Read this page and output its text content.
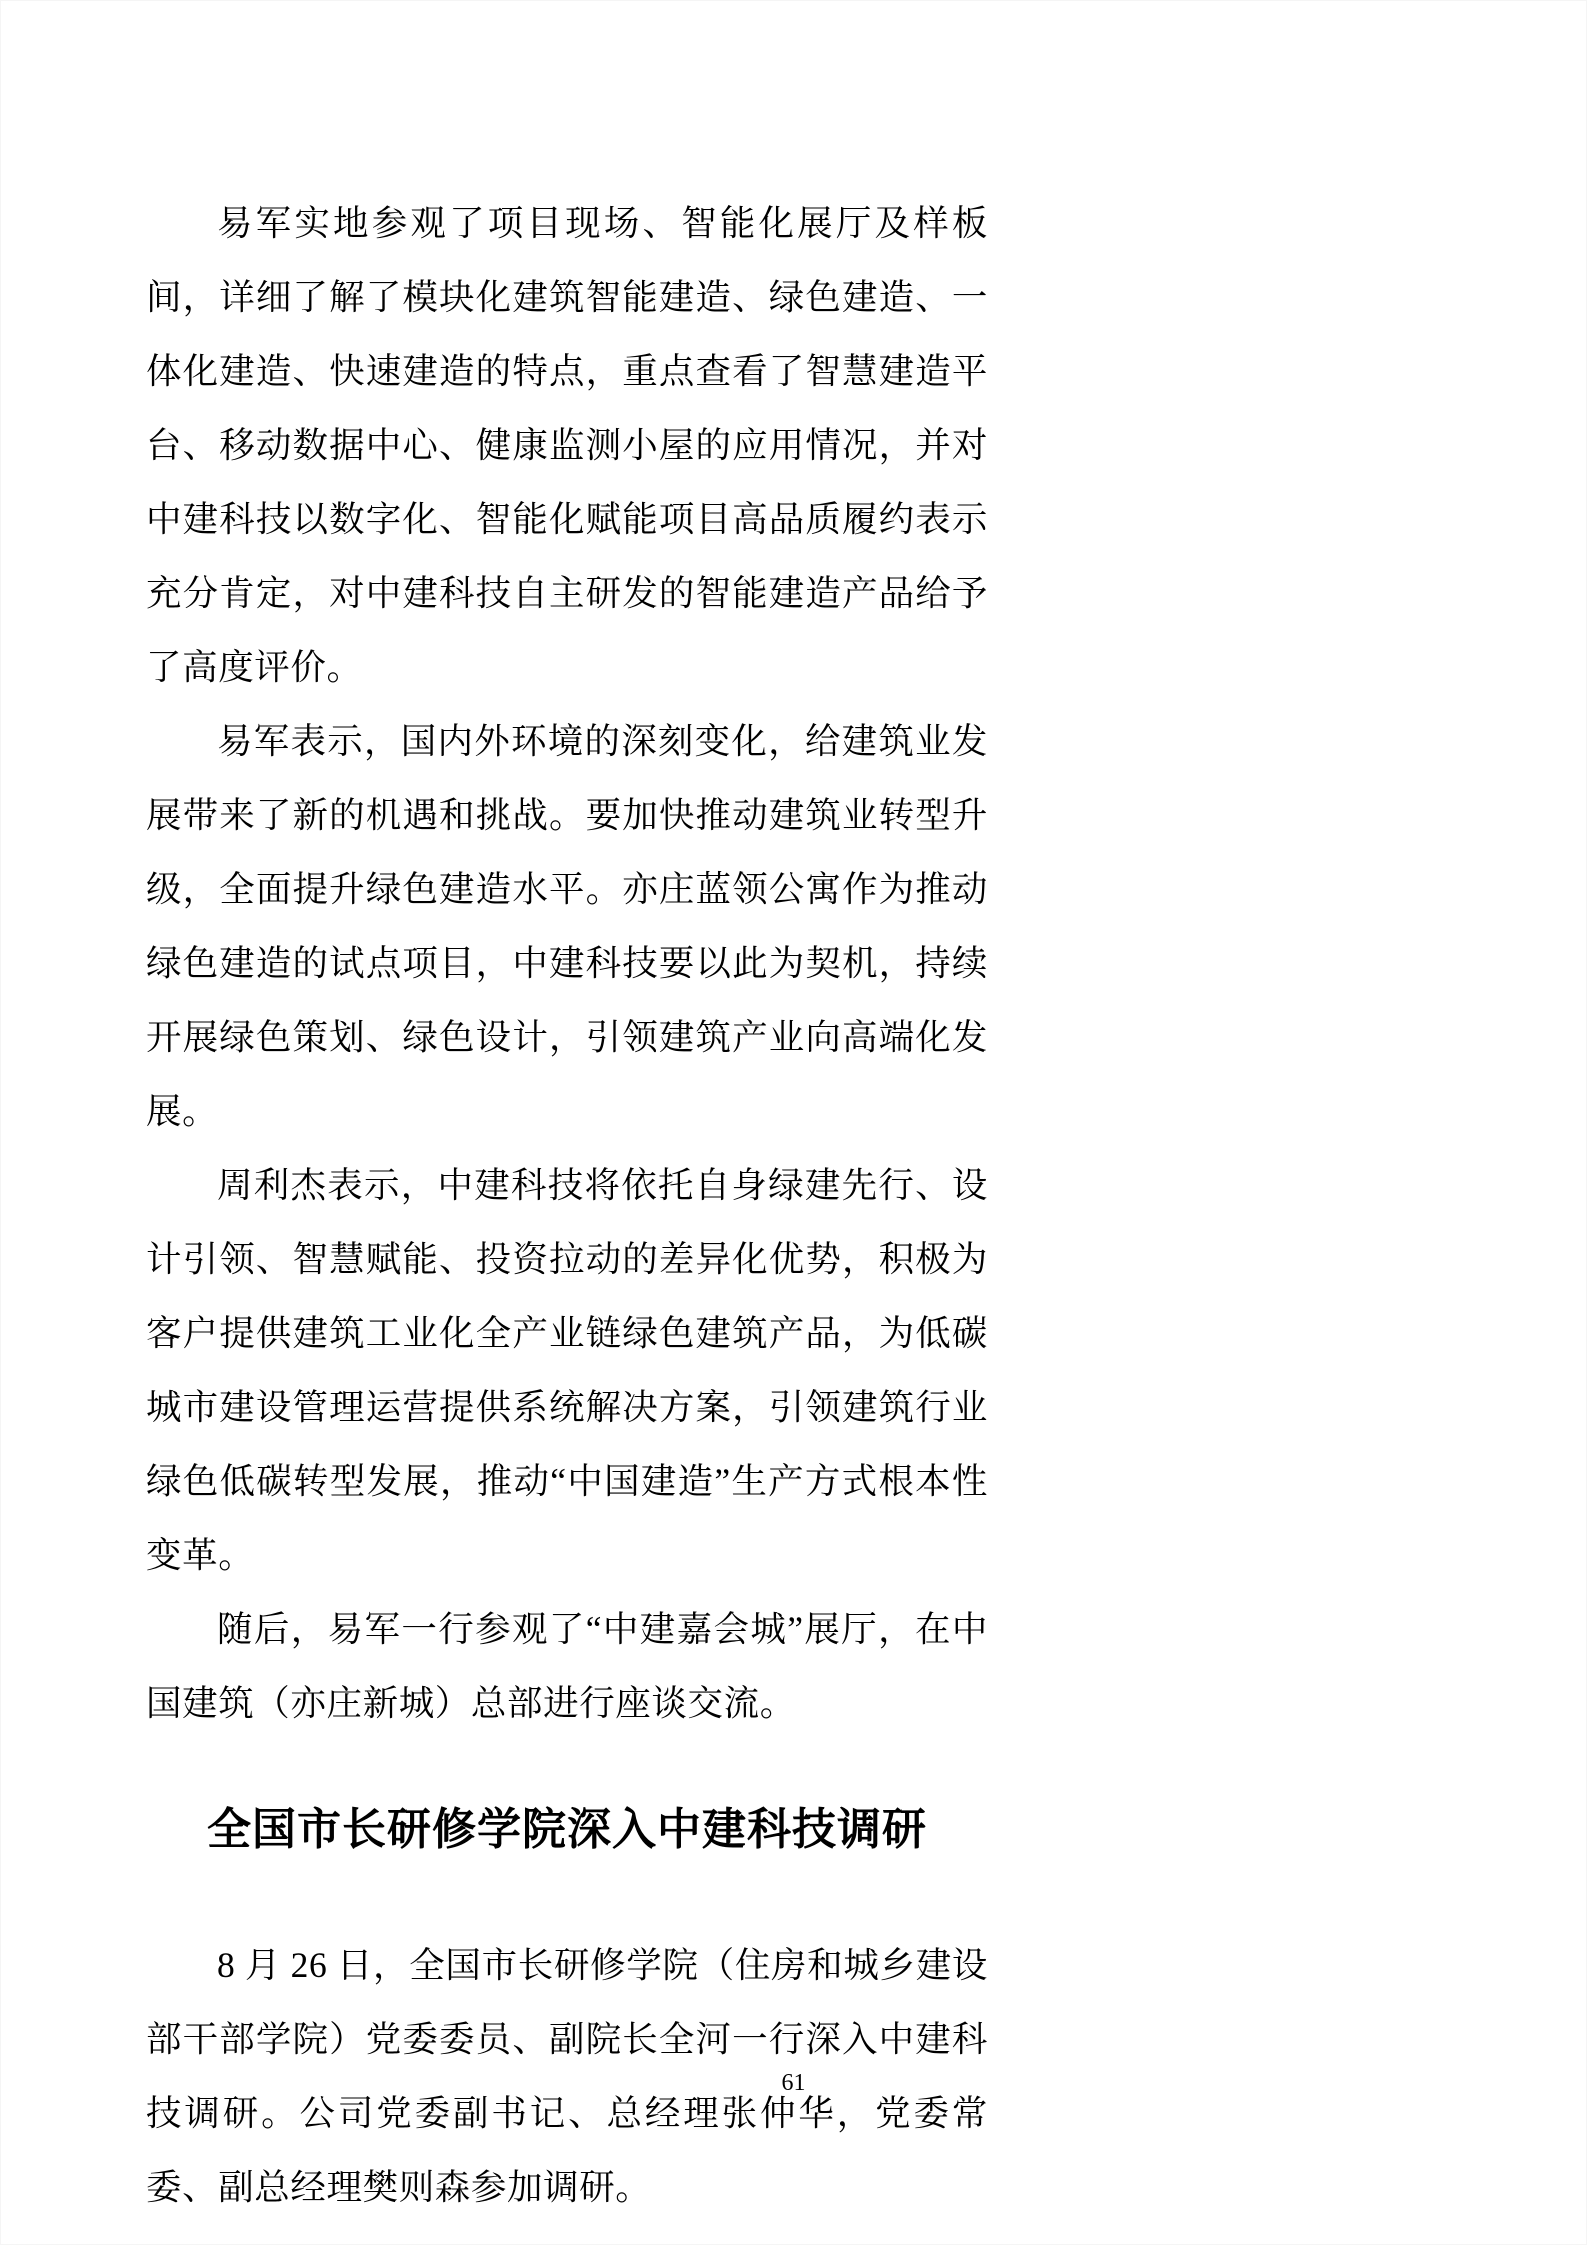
易军实地参观了项目现场、智能化展厅及样板间，详细了解了模块化建筑智能建造、绿色建造、一体化建造、快速建造的特点，重点查看了智慧建造平台、移动数据中心、健康监测小屋的应用情况，并对中建科技以数字化、智能化赋能项目高品质履约表示充分肯定，对中建科技自主研发的智能建造产品给予了高度评价。

易军表示，国内外环境的深刻变化，给建筑业发展带来了新的机遇和挑战。要加快推动建筑业转型升级，全面提升绿色建造水平。亦庄蓝领公寓作为推动绿色建造的试点项目，中建科技要以此为契机，持续开展绿色策划、绿色设计，引领建筑产业向高端化发展。

周利杰表示，中建科技将依托自身绿建先行、设计引领、智慧赋能、投资拉动的差异化优势，积极为客户提供建筑工业化全产业链绿色建筑产品，为低碳城市建设管理运营提供系统解决方案，引领建筑行业绿色低碳转型发展，推动“中国建造”生产方式根本性变革。

随后，易军一行参观了“中建嘉会城”展厅，在中国建筑（亦庄新城）总部进行座谈交流。

全国市长研修学院深入中建科技调研

8 月 26 日，全国市长研修学院（住房和城乡建设部干部学院）党委委员、副院长全河一行深入中建科技调研。公司党委副书记、总经理张仲华，党委常委、副总经理樊则森参加调研。

61
